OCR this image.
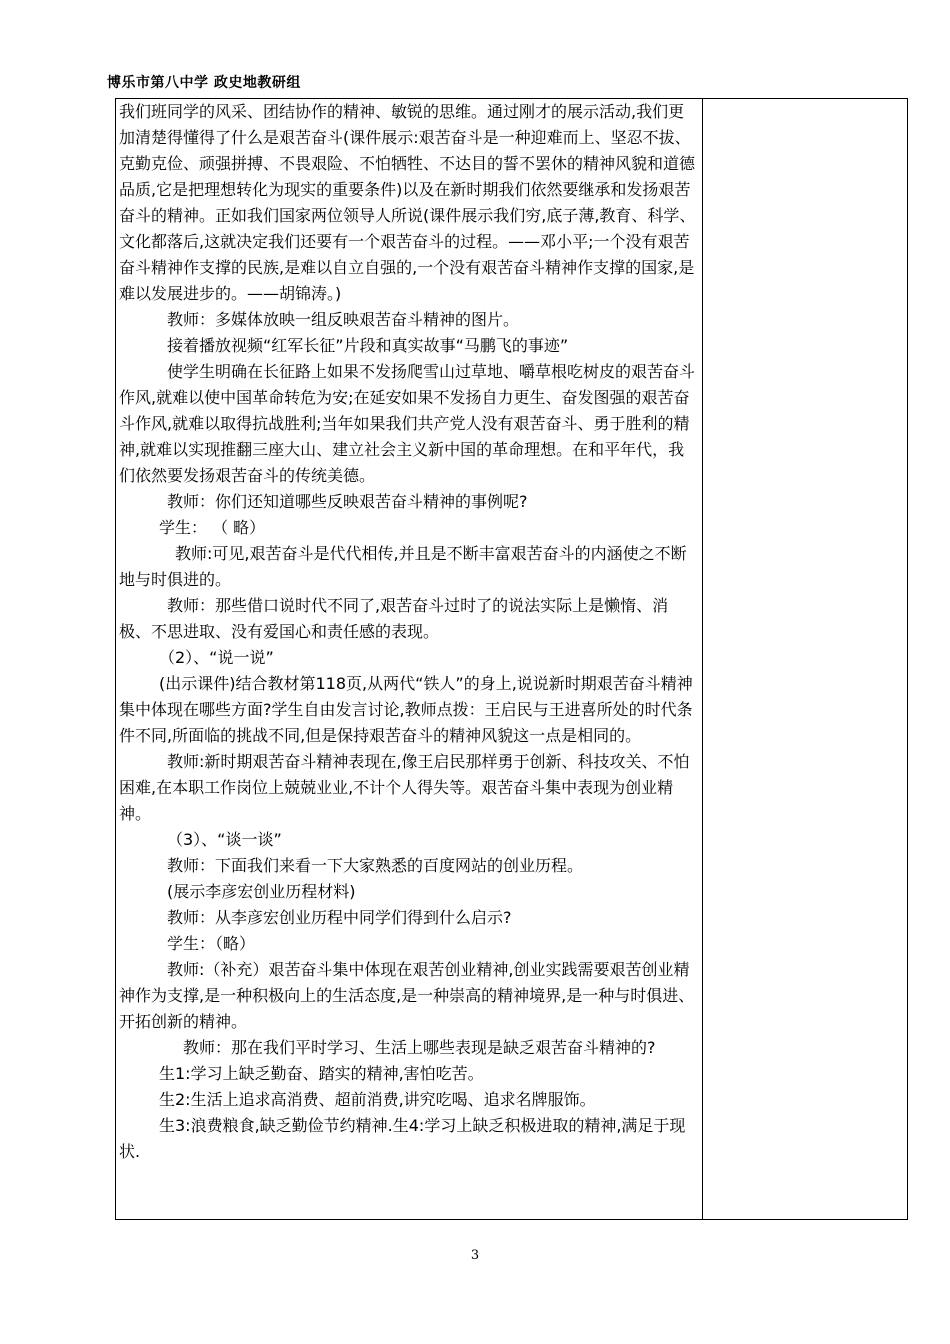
博乐市第八中学 政史地教研组

我们班同学的风采、团结协作的精神、敏锐的思维。通过刚才的展示活动,我们更加清楚得懂得了什么是艰苦奋斗(课件展示:艰苦奋斗是一种迎难而上、坚忍不拔、克勤克俭、顽强拼搏、不畏艰险、不怕牺牲、不达目的誓不罢休的精神风貌和道德品质,它是把理想转化为现实的重要条件)以及在新时期我们依然要继承和发扬艰苦奋斗的精神。正如我们国家两位领导人所说(课件展示我们穷,底子薄,教育、科学、文化都落后,这就决定我们还要有一个艰苦奋斗的过程。——邓小平;一个没有艰苦奋斗精神作支撑的民族,是难以自立自强的,一个没有艰苦奋斗精神作支撑的国家,是难以发展进步的。——胡锦涛。)

教师：多媒体放映一组反映艰苦奋斗精神的图片。

接着播放视频“红军长征”片段和真实故事“马鹏飞的事迹”

使学生明确在长征路上如果不发扬爬雪山过草地、嚼草根吃树皮的艰苦奋斗作风,就难以使中国革命转危为安;在延安如果不发扬自力更生、奋发图强的艰苦奋斗作风,就难以取得抗战胜利;当年如果我们共产党人没有艰苦奋斗、勇于胜利的精神,就难以实现推翻三座大山、建立社会主义新中国的革命理想。在和平年代，我们依然要发扬艰苦奋斗的传统美德。

教师：你们还知道哪些反映艰苦奋斗精神的事例呢?

学生： （ 略）

教师:可见,艰苦奋斗是代代相传,并且是不断丰富艰苦奋斗的内涵使之不断地与时俱进的。

教师：那些借口说时代不同了,艰苦奋斗过时了的说法实际上是懒惰、消极、不思进取、没有爱国心和责任感的表现。

（2）、“说一说”

(出示课件)结合教材第118页,从两代“铁人”的身上,说说新时期艰苦奋斗精神集中体现在哪些方面?学生自由发言讨论,教师点拨：王启民与王进喜所处的时代条件不同,所面临的挑战不同,但是保持艰苦奋斗的精神风貌这一点是相同的。

教师:新时期艰苦奋斗精神表现在,像王启民那样勇于创新、科技攻关、不怕困难,在本职工作岗位上兢兢业业,不计个人得失等。艰苦奋斗集中表现为创业精神。

（3）、“谈一谈”

教师：下面我们来看一下大家熟悉的百度网站的创业历程。

(展示李彦宏创业历程材料)

教师：从李彦宏创业历程中同学们得到什么启示?

学生：（略）

教师:（补充）艰苦奋斗集中体现在艰苦创业精神,创业实践需要艰苦创业精神作为支撑,是一种积极向上的生活态度,是一种崇高的精神境界,是一种与时俱进、开拓创新的精神。

教师：那在我们平时学习、生活上哪些表现是缺乏艰苦奋斗精神的?

生1:学习上缺乏勤奋、踏实的精神,害怕吃苦。

生2:生活上追求高消费、超前消费,讲究吃喝、追求名牌服饰。

生3:浪费粮食,缺乏勤俭节约精神.生4:学习上缺乏积极进取的精神,满足于现状.

3
